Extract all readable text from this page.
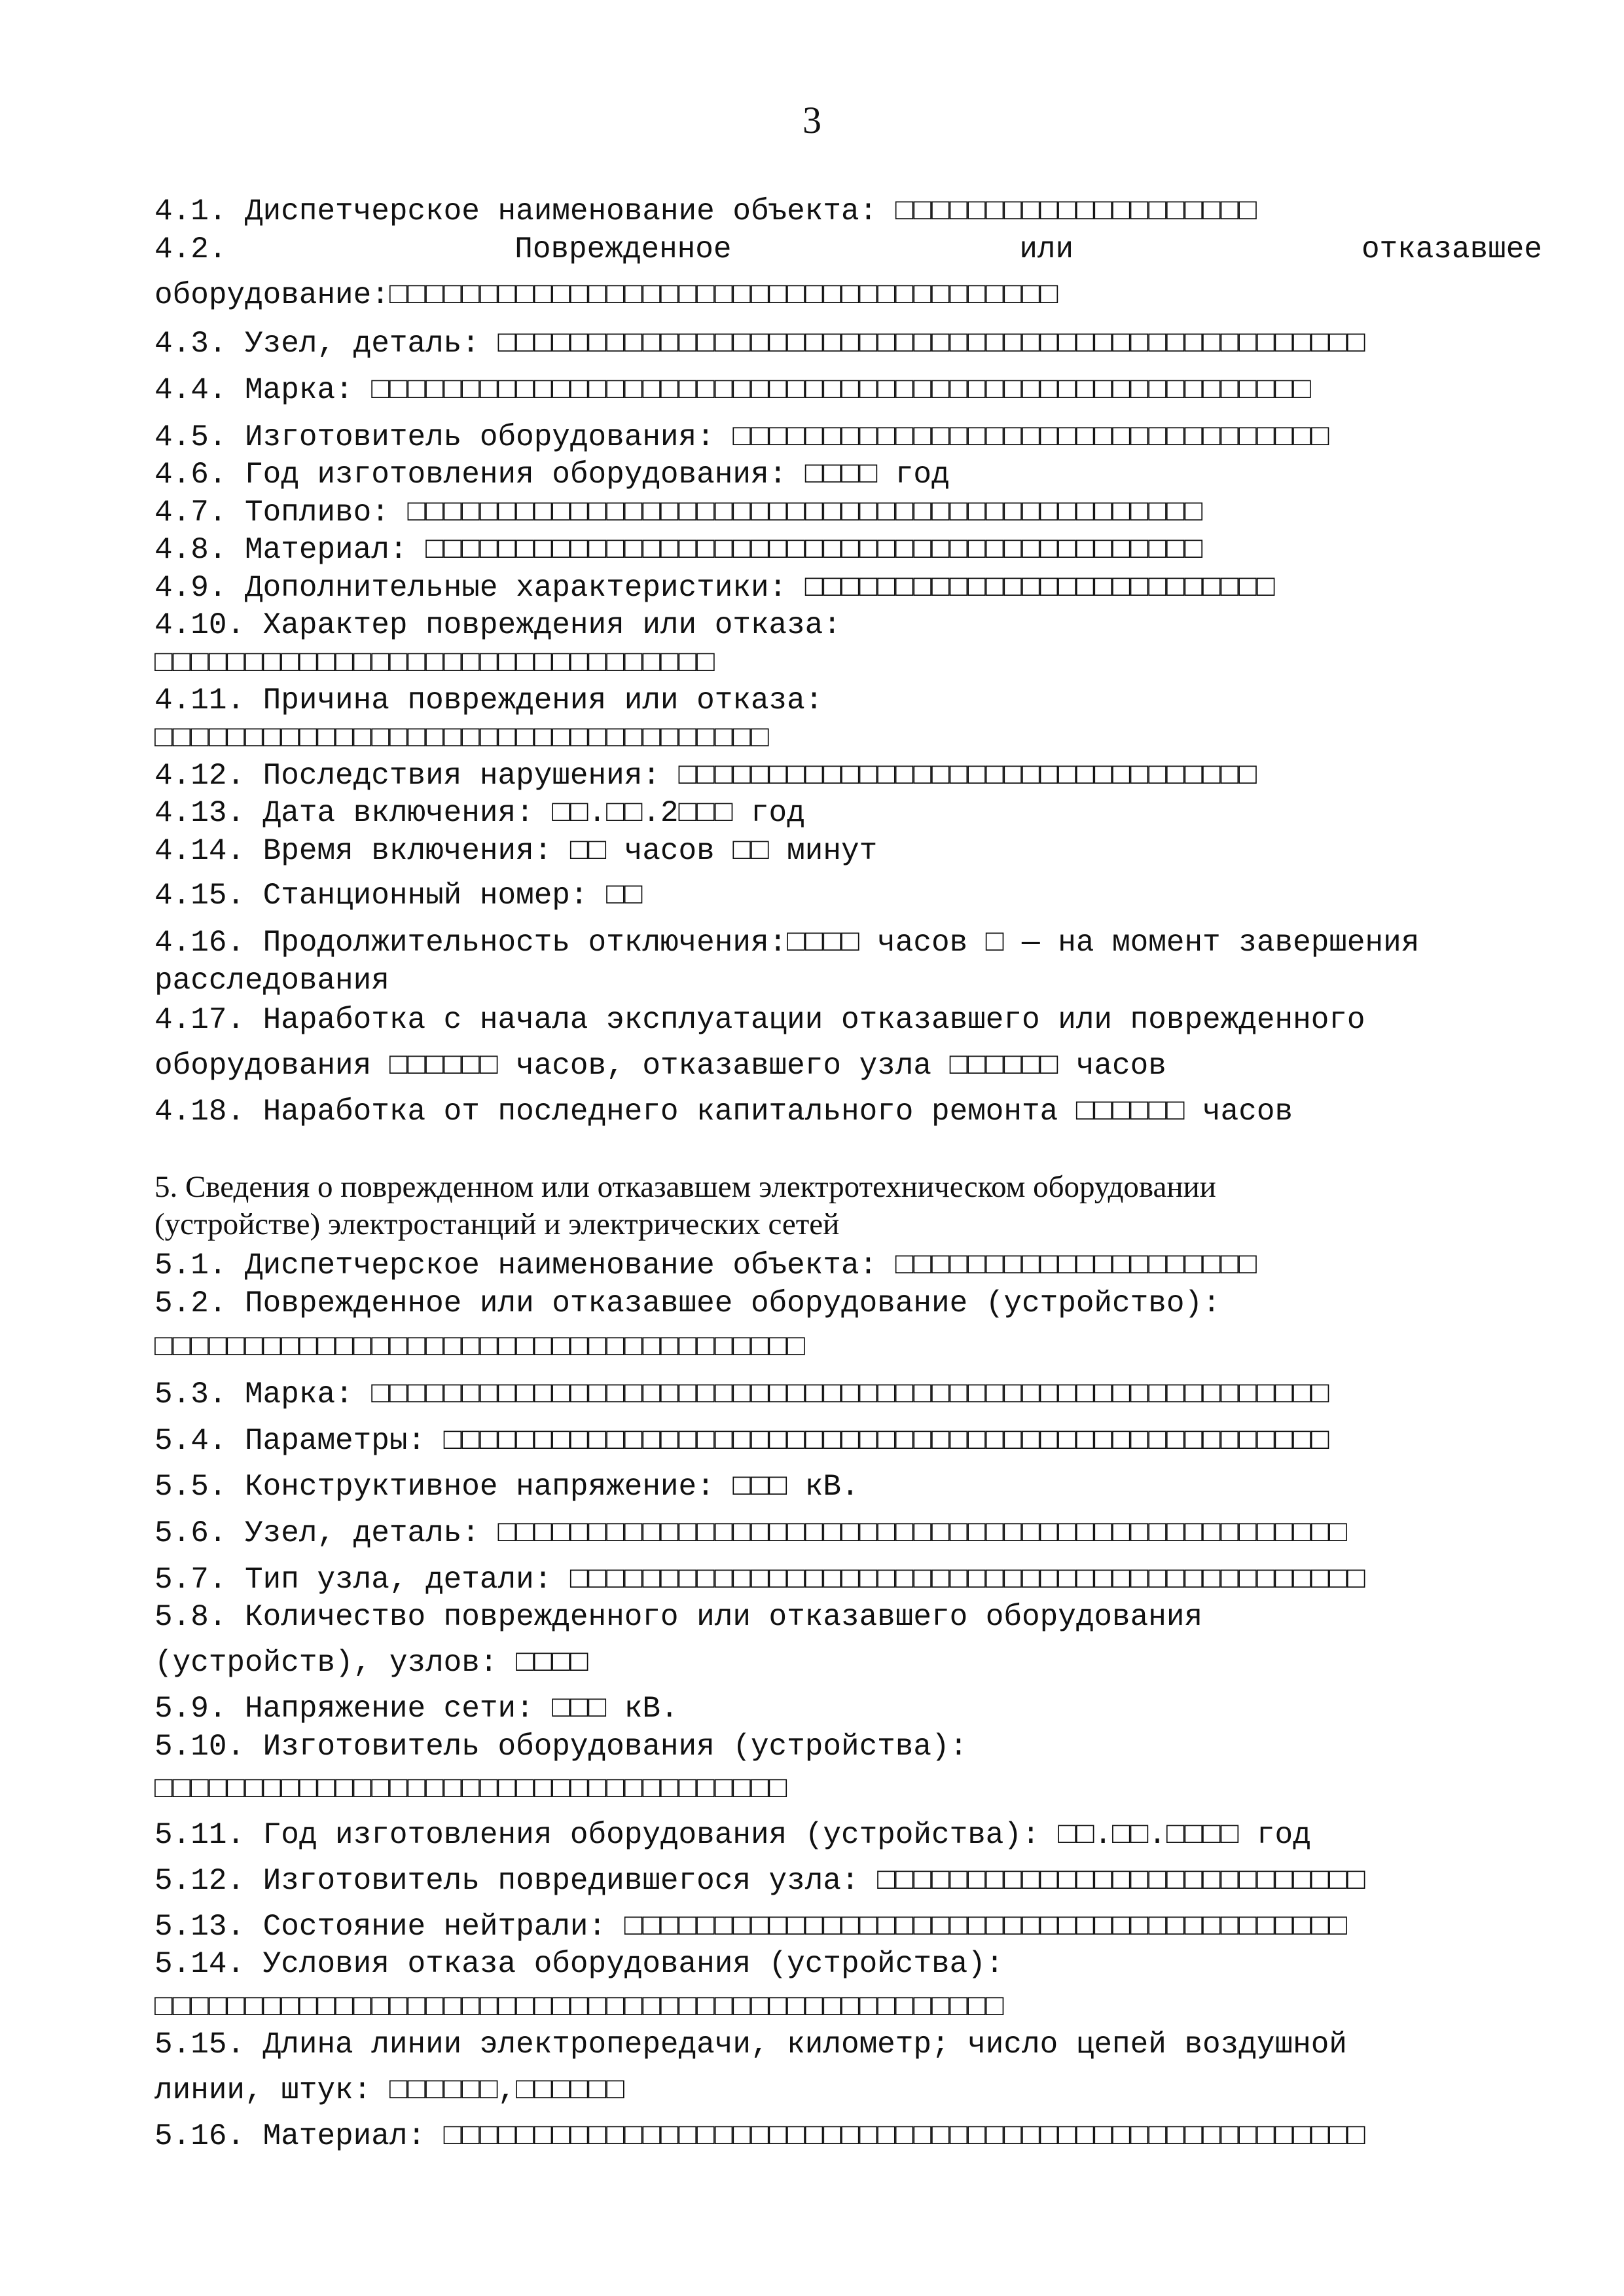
3

4.1. Диспетчерское наименование объекта: □□□□□□□□□□□□□□□□□□□□

4.2.	Поврежденное	или	отказавшее

оборудование:□□□□□□□□□□□□□□□□□□□□□□□□□□□□□□□□□□□□□

4.3. Узел, деталь: □□□□□□□□□□□□□□□□□□□□□□□□□□□□□□□□□□□□□□□□□□□□□□□□

4.4. Марка: □□□□□□□□□□□□□□□□□□□□□□□□□□□□□□□□□□□□□□□□□□□□□□□□□□□□

4.5. Изготовитель оборудования: □□□□□□□□□□□□□□□□□□□□□□□□□□□□□□□□□

4.6. Год изготовления оборудования: □□□□ год

4.7. Топливо: □□□□□□□□□□□□□□□□□□□□□□□□□□□□□□□□□□□□□□□□□□□□

4.8. Материал: □□□□□□□□□□□□□□□□□□□□□□□□□□□□□□□□□□□□□□□□□□□

4.9. Дополнительные характеристики: □□□□□□□□□□□□□□□□□□□□□□□□□□

4.10. Характер повреждения или отказа:

□□□□□□□□□□□□□□□□□□□□□□□□□□□□□□□

4.11. Причина повреждения или отказа:

□□□□□□□□□□□□□□□□□□□□□□□□□□□□□□□□□□

4.12. Последствия нарушения: □□□□□□□□□□□□□□□□□□□□□□□□□□□□□□□□

4.13. Дата включения: □□.□□.2□□□ год

4.14. Время включения: □□ часов □□ минут

4.15. Станционный номер: □□

4.16. Продолжительность отключения:□□□□ часов □ — на момент завершения

расследования

4.17. Наработка с начала эксплуатации отказавшего или поврежденного

оборудования □□□□□□ часов, отказавшего узла □□□□□□ часов

4.18. Наработка от последнего капитального ремонта □□□□□□ часов

5. Сведения о поврежденном или отказавшем электротехническом оборудовании

(устройстве) электростанций и электрических сетей

5.1. Диспетчерское наименование объекта: □□□□□□□□□□□□□□□□□□□□

5.2. Поврежденное или отказавшее оборудование (устройство):

□□□□□□□□□□□□□□□□□□□□□□□□□□□□□□□□□□□□

5.3. Марка: □□□□□□□□□□□□□□□□□□□□□□□□□□□□□□□□□□□□□□□□□□□□□□□□□□□□□

5.4. Параметры: □□□□□□□□□□□□□□□□□□□□□□□□□□□□□□□□□□□□□□□□□□□□□□□□□

5.5. Конструктивное напряжение: □□□ кВ.

5.6. Узел, деталь: □□□□□□□□□□□□□□□□□□□□□□□□□□□□□□□□□□□□□□□□□□□□□□□

5.7. Тип узла, детали: □□□□□□□□□□□□□□□□□□□□□□□□□□□□□□□□□□□□□□□□□□□□

5.8. Количество поврежденного или отказавшего оборудования

(устройств), узлов: □□□□

5.9. Напряжение сети: □□□ кВ.

5.10. Изготовитель оборудования (устройства):

□□□□□□□□□□□□□□□□□□□□□□□□□□□□□□□□□□□

5.11. Год изготовления оборудования (устройства): □□.□□.□□□□ год

5.12. Изготовитель повредившегося узла: □□□□□□□□□□□□□□□□□□□□□□□□□□□

5.13. Состояние нейтрали: □□□□□□□□□□□□□□□□□□□□□□□□□□□□□□□□□□□□□□□□

5.14. Условия отказа оборудования (устройства):

□□□□□□□□□□□□□□□□□□□□□□□□□□□□□□□□□□□□□□□□□□□□□□□

5.15. Длина линии электропередачи, километр; число цепей воздушной

линии, штук: □□□□□□,□□□□□□

5.16. Материал: □□□□□□□□□□□□□□□□□□□□□□□□□□□□□□□□□□□□□□□□□□□□□□□□□□□
